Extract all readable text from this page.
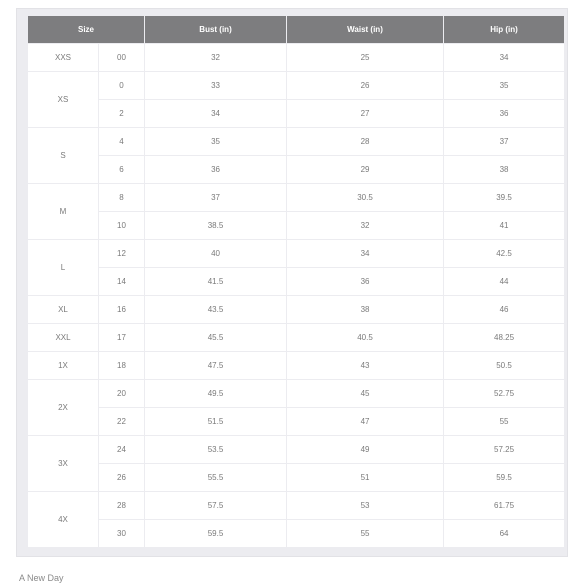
Size		Bust (in)	Waist (in)	Hip (in)
XXS	00	32	25	34
XS	0	33	26	35
	2	34	27	36
S	4	35	28	37
	6	36	29	38
M	8	37	30.5	39.5
	10	38.5	32	41
L	12	40	34	42.5
	14	41.5	36	44
XL	16	43.5	38	46
XXL	17	45.5	40.5	48.25
1X	18	47.5	43	50.5
2X	20	49.5	45	52.75
	22	51.5	47	55
3X	24	53.5	49	57.25
	26	55.5	51	59.5
4X	28	57.5	53	61.75
	30	59.5	55	64
A New Day
